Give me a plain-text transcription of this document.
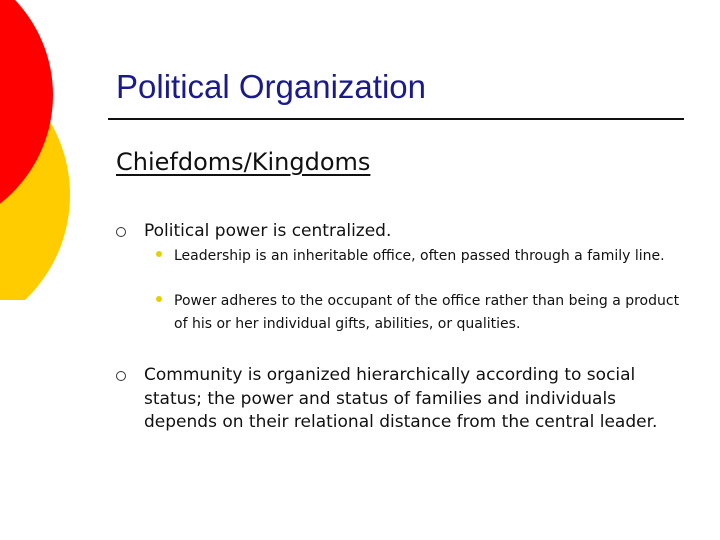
Political Organization
Chiefdoms/Kingdoms
Political power is centralized.
Leadership is an inheritable office, often passed through a family line.
Power adheres to the occupant of the office rather than being a product of his or her individual gifts, abilities, or qualities.
Community is organized hierarchically according to social status; the power and status of families and individuals depends on their relational distance from the central leader.
